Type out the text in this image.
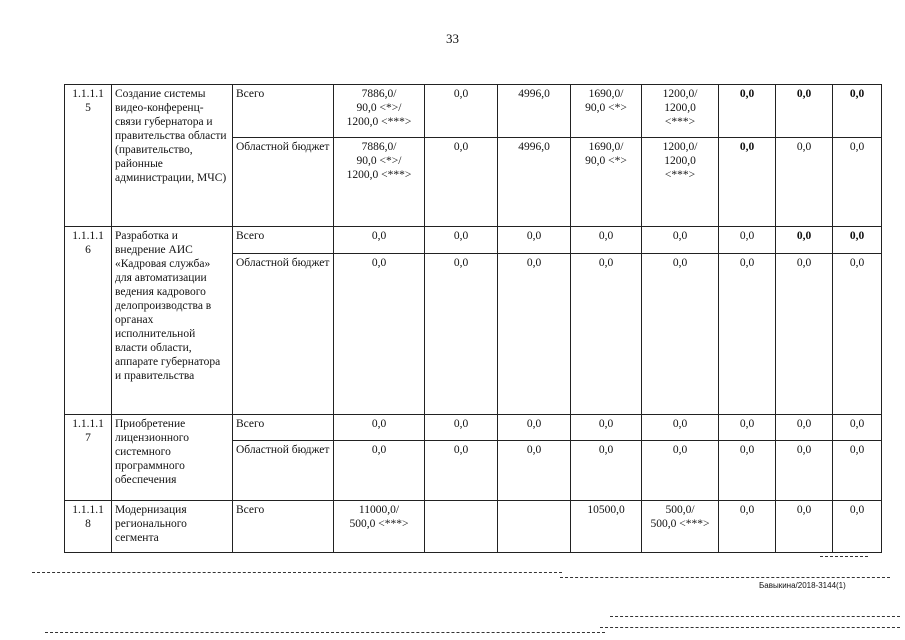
33
1.1.1.1
5	Создание системы видео-конференц-связи губернатора и правительства области (правительство, районные администрации, МЧС)	Всего	7886,0/
90,0 <*>/
1200,0 <***>	0,0	4996,0	1690,0/
90,0 <*>	1200,0/
1200,0
<***>	0,0	0,0	0,0
		Областной бюджет	7886,0/
90,0 <*>/
1200,0 <***>	0,0	4996,0	1690,0/
90,0 <*>	1200,0/
1200,0
<***>	0,0	0,0	0,0
1.1.1.1
6	Разработка и внедрение АИС «Кадровая служба» для автоматизации ведения кадрового делопроизводства в органах исполнительной власти области, аппарате губернатора и правительства	Всего	0,0	0,0	0,0	0,0	0,0	0,0	0,0	0,0
		Областной бюджет	0,0	0,0	0,0	0,0	0,0	0,0	0,0	0,0
1.1.1.1
7	Приобретение лицензионного системного программного обеспечения	Всего	0,0	0,0	0,0	0,0	0,0	0,0	0,0	0,0
		Областной бюджет	0,0	0,0	0,0	0,0	0,0	0,0	0,0	0,0
1.1.1.1
8	Модернизация регионального сегмента	Всего	11000,0/
500,0 <***>			10500,0	500,0/
500,0 <***>	0,0	0,0	0,0
Бавыкина/2018-3144(1)
